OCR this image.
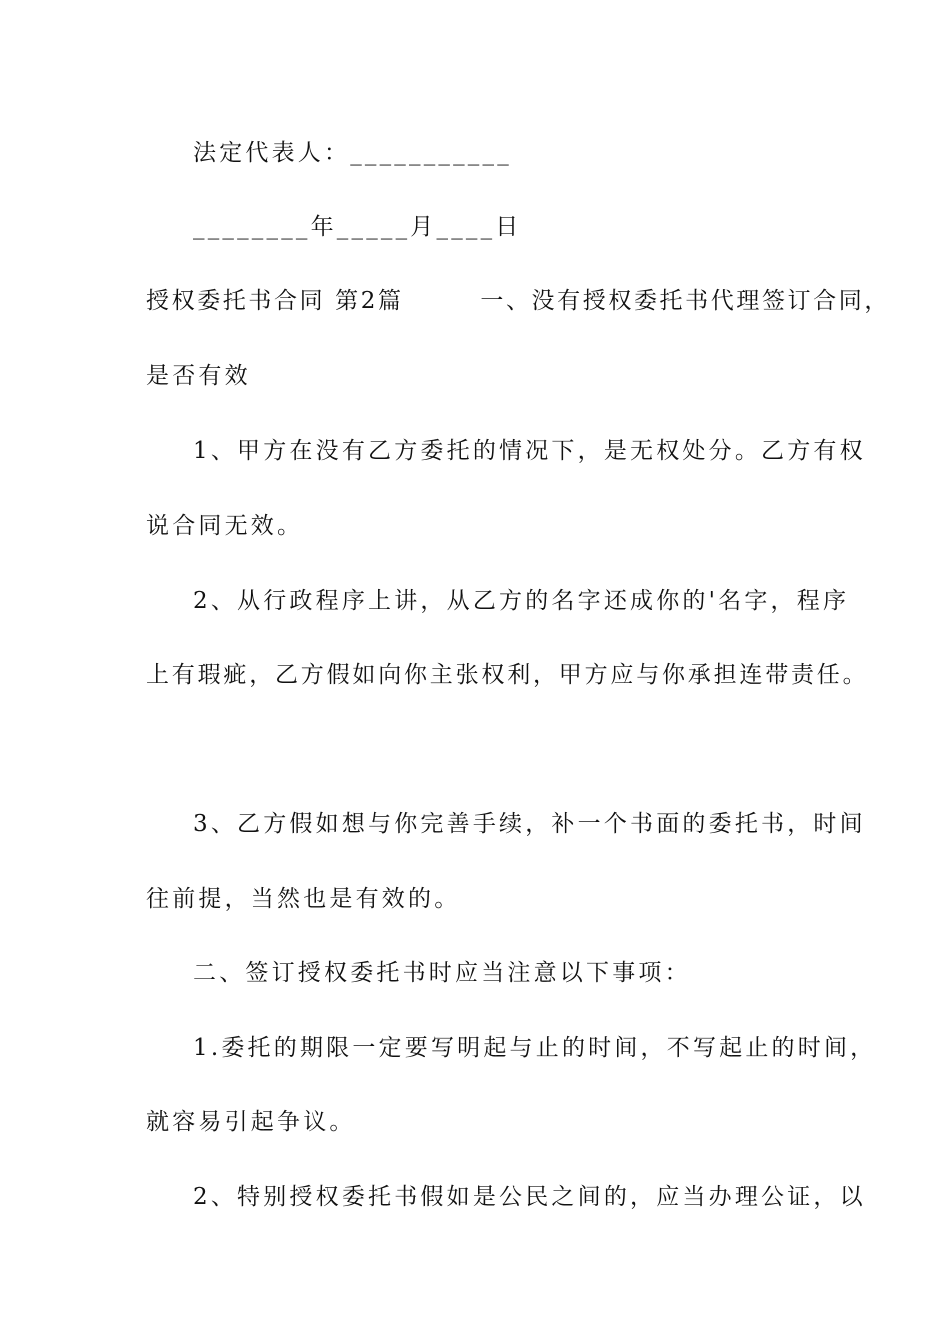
法定代表人：___________
________年_____月____日
授权委托书合同 第2篇　　　一、没有授权委托书代理签订合同，
是否有效
1、甲方在没有乙方委托的情况下，是无权处分。乙方有权
说合同无效。
2、从行政程序上讲，从乙方的名字还成你的'名字，程序
上有瑕疵，乙方假如向你主张权利，甲方应与你承担连带责任。
3、乙方假如想与你完善手续，补一个书面的委托书，时间
往前提，当然也是有效的。
二、签订授权委托书时应当注意以下事项：
1.委托的期限一定要写明起与止的时间，不写起止的时间，
就容易引起争议。
2、特别授权委托书假如是公民之间的，应当办理公证，以
